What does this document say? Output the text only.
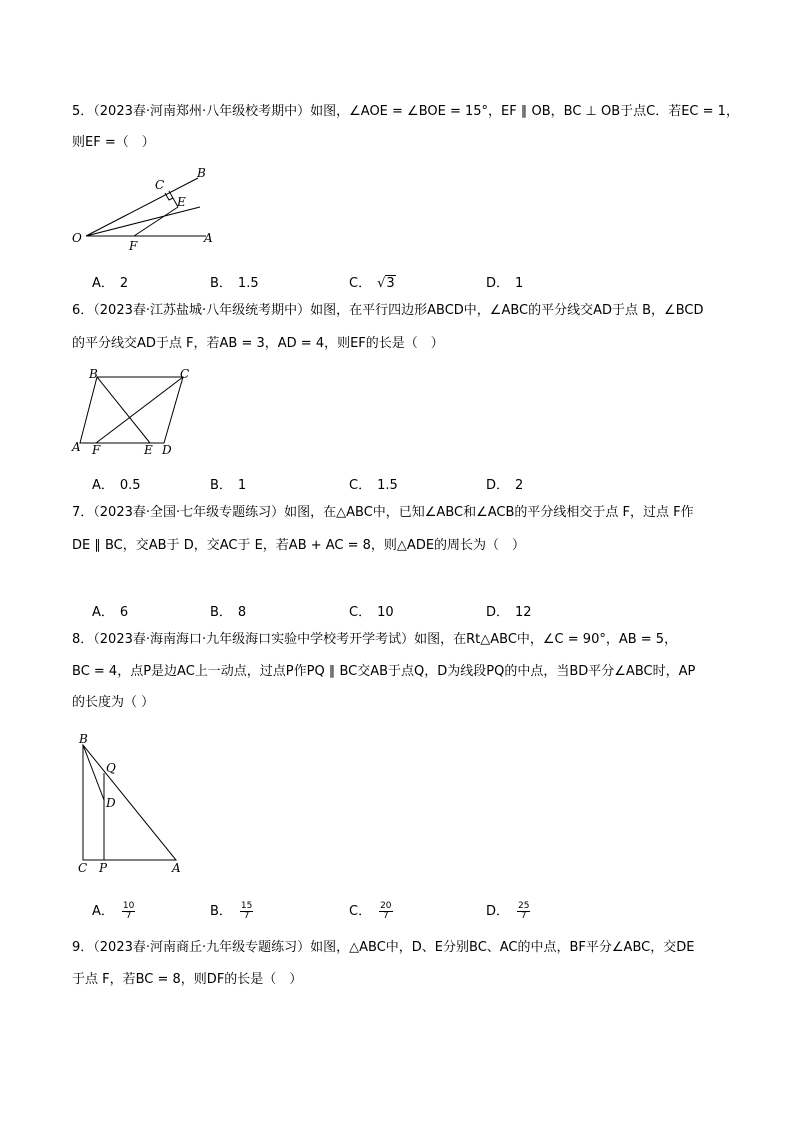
5．（2023春·河南郑州·八年级校考期中）如图，∠AOE = ∠BOE = 15°，EF ∥ OB，BC ⊥ OB于点C．若EC = 1，
则EF =（　）
B
C
E
O
F
A
A． 2	B． 1.5	C． √3	D． 1
6．（2023春·江苏盐城·八年级统考期中）如图，在平行四边形ABCD中，∠ABC的平分线交AD于点 B，∠BCD
的平分线交AD于点 F，若AB = 3，AD = 4，则EF的长是（　）
B	C
A F	E D
A． 0.5	B． 1	C． 1.5	D． 2
7．（2023春·全国·七年级专题练习）如图，在△ABC中，已知∠ABC和∠ACB的平分线相交于点 F，过点 F作
DE ∥ BC，交AB于 D，交AC于 E，若AB + AC = 8，则△ADE的周长为（　）
A． 6	B． 8	C． 10	D． 12
8．（2023春·海南海口·九年级海口实验中学校考开学考试）如图，在Rt△ABC中，∠C = 90°，AB = 5，
BC = 4，点P是边AC上一动点，过点P作PQ ∥ BC交AB于点Q，D为线段PQ的中点，当BD平分∠ABC时，AP
的长度为（ ）
B
Q
D
C P	A
A． $\frac{10}{7}$	B． $\frac{15}{7}$	C． $\frac{20}{7}$	D． $\frac{25}{7}$
9．（2023春·河南商丘·九年级专题练习）如图，△ABC中，D、E分别BC、AC的中点，BF平分∠ABC，交DE
于点 F，若BC = 8，则DF的长是（　）
